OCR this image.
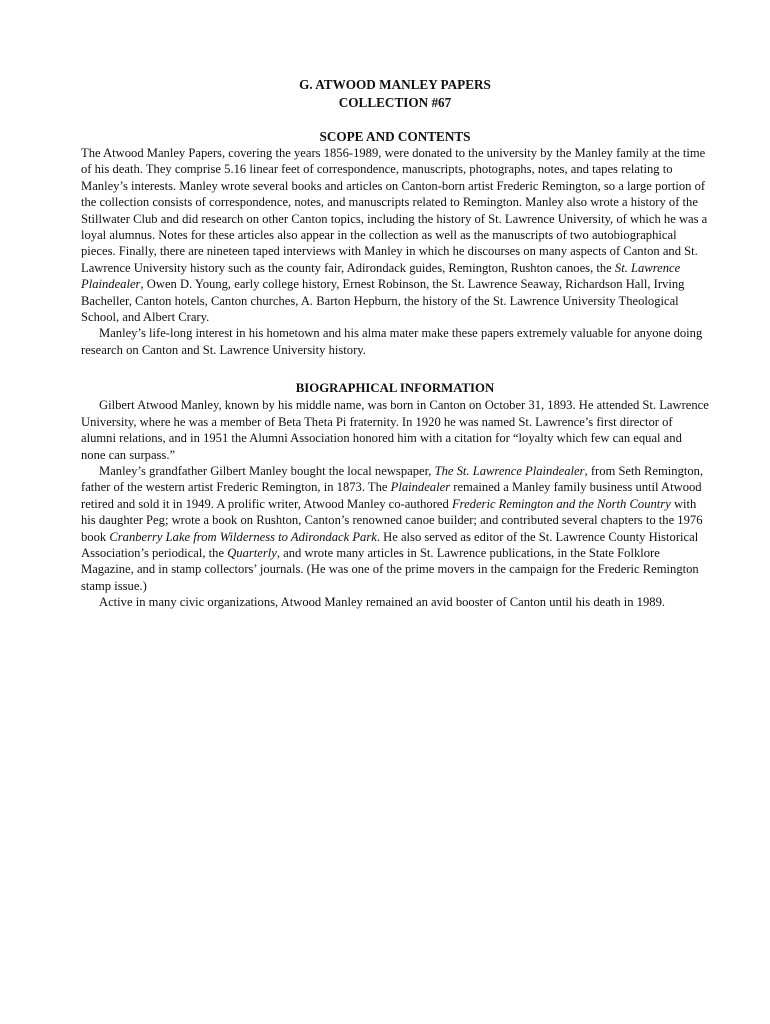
G. ATWOOD MANLEY PAPERS
COLLECTION #67
SCOPE AND CONTENTS

The Atwood Manley Papers, covering the years 1856-1989, were donated to the university by the Manley family at the time of his death. They comprise 5.16 linear feet of correspondence, manuscripts, photographs, notes, and tapes relating to Manley’s interests. Manley wrote several books and articles on Canton-born artist Frederic Remington, so a large portion of the collection consists of correspondence, notes, and manuscripts related to Remington. Manley also wrote a history of the Stillwater Club and did research on other Canton topics, including the history of St. Lawrence University, of which he was a loyal alumnus. Notes for these articles also appear in the collection as well as the manuscripts of two autobiographical pieces. Finally, there are nineteen taped interviews with Manley in which he discourses on many aspects of Canton and St. Lawrence University history such as the county fair, Adirondack guides, Remington, Rushton canoes, the St. Lawrence Plaindealer, Owen D. Young, early college history, Ernest Robinson, the St. Lawrence Seaway, Richardson Hall, Irving Bacheller, Canton hotels, Canton churches, A. Barton Hepburn, the history of the St. Lawrence University Theological School, and Albert Crary.

Manley’s life-long interest in his hometown and his alma mater make these papers extremely valuable for anyone doing research on Canton and St. Lawrence University history.

BIOGRAPHICAL INFORMATION

Gilbert Atwood Manley, known by his middle name, was born in Canton on October 31, 1893. He attended St. Lawrence University, where he was a member of Beta Theta Pi fraternity. In 1920 he was named St. Lawrence’s first director of alumni relations, and in 1951 the Alumni Association honored him with a citation for “loyalty which few can equal and none can surpass.”

Manley’s grandfather Gilbert Manley bought the local newspaper, The St. Lawrence Plaindealer, from Seth Remington, father of the western artist Frederic Remington, in 1873. The Plaindealer remained a Manley family business until Atwood retired and sold it in 1949. A prolific writer, Atwood Manley co-authored Frederic Remington and the North Country with his daughter Peg; wrote a book on Rushton, Canton’s renowned canoe builder; and contributed several chapters to the 1976 book Cranberry Lake from Wilderness to Adirondack Park. He also served as editor of the St. Lawrence County Historical Association’s periodical, the Quarterly, and wrote many articles in St. Lawrence publications, in the State Folklore Magazine, and in stamp collectors’ journals. (He was one of the prime movers in the campaign for the Frederic Remington stamp issue.)

Active in many civic organizations, Atwood Manley remained an avid booster of Canton until his death in 1989.
